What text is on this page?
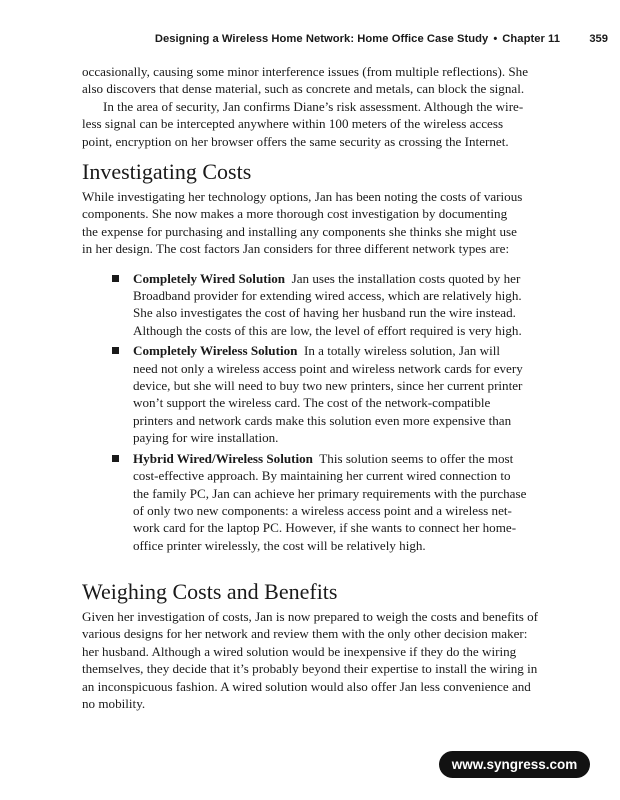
Designing a Wireless Home Network: Home Office Case Study • Chapter 11	359

occasionally, causing some minor interference issues (from multiple reflections). She
also discovers that dense material, such as concrete and metals, can block the signal.

In the area of security, Jan confirms Diane’s risk assessment. Although the wire-
less signal can be intercepted anywhere within 100 meters of the wireless access
point, encryption on her browser offers the same security as crossing the Internet.

Investigating Costs

While investigating her technology options, Jan has been noting the costs of various
components. She now makes a more thorough cost investigation by documenting
the expense for purchasing and installing any components she thinks she might use
in her design. The cost factors Jan considers for three different network types are:

Completely Wired Solution Jan uses the installation costs quoted by her
Broadband provider for extending wired access, which are relatively high.
She also investigates the cost of having her husband run the wire instead.
Although the costs of this are low, the level of effort required is very high.

Completely Wireless Solution In a totally wireless solution, Jan will
need not only a wireless access point and wireless network cards for every
device, but she will need to buy two new printers, since her current printer
won’t support the wireless card. The cost of the network-compatible
printers and network cards make this solution even more expensive than
paying for wire installation.

Hybrid Wired/Wireless Solution This solution seems to offer the most
cost-effective approach. By maintaining her current wired connection to
the family PC, Jan can achieve her primary requirements with the purchase
of only two new components: a wireless access point and a wireless net-
work card for the laptop PC. However, if she wants to connect her home-
office printer wirelessly, the cost will be relatively high.

Weighing Costs and Benefits

Given her investigation of costs, Jan is now prepared to weigh the costs and benefits of
various designs for her network and review them with the only other decision maker:
her husband. Although a wired solution would be inexpensive if they do the wiring
themselves, they decide that it’s probably beyond their expertise to install the wiring in
an inconspicuous fashion. A wired solution would also offer Jan less convenience and
no mobility.

www.syngress.com
